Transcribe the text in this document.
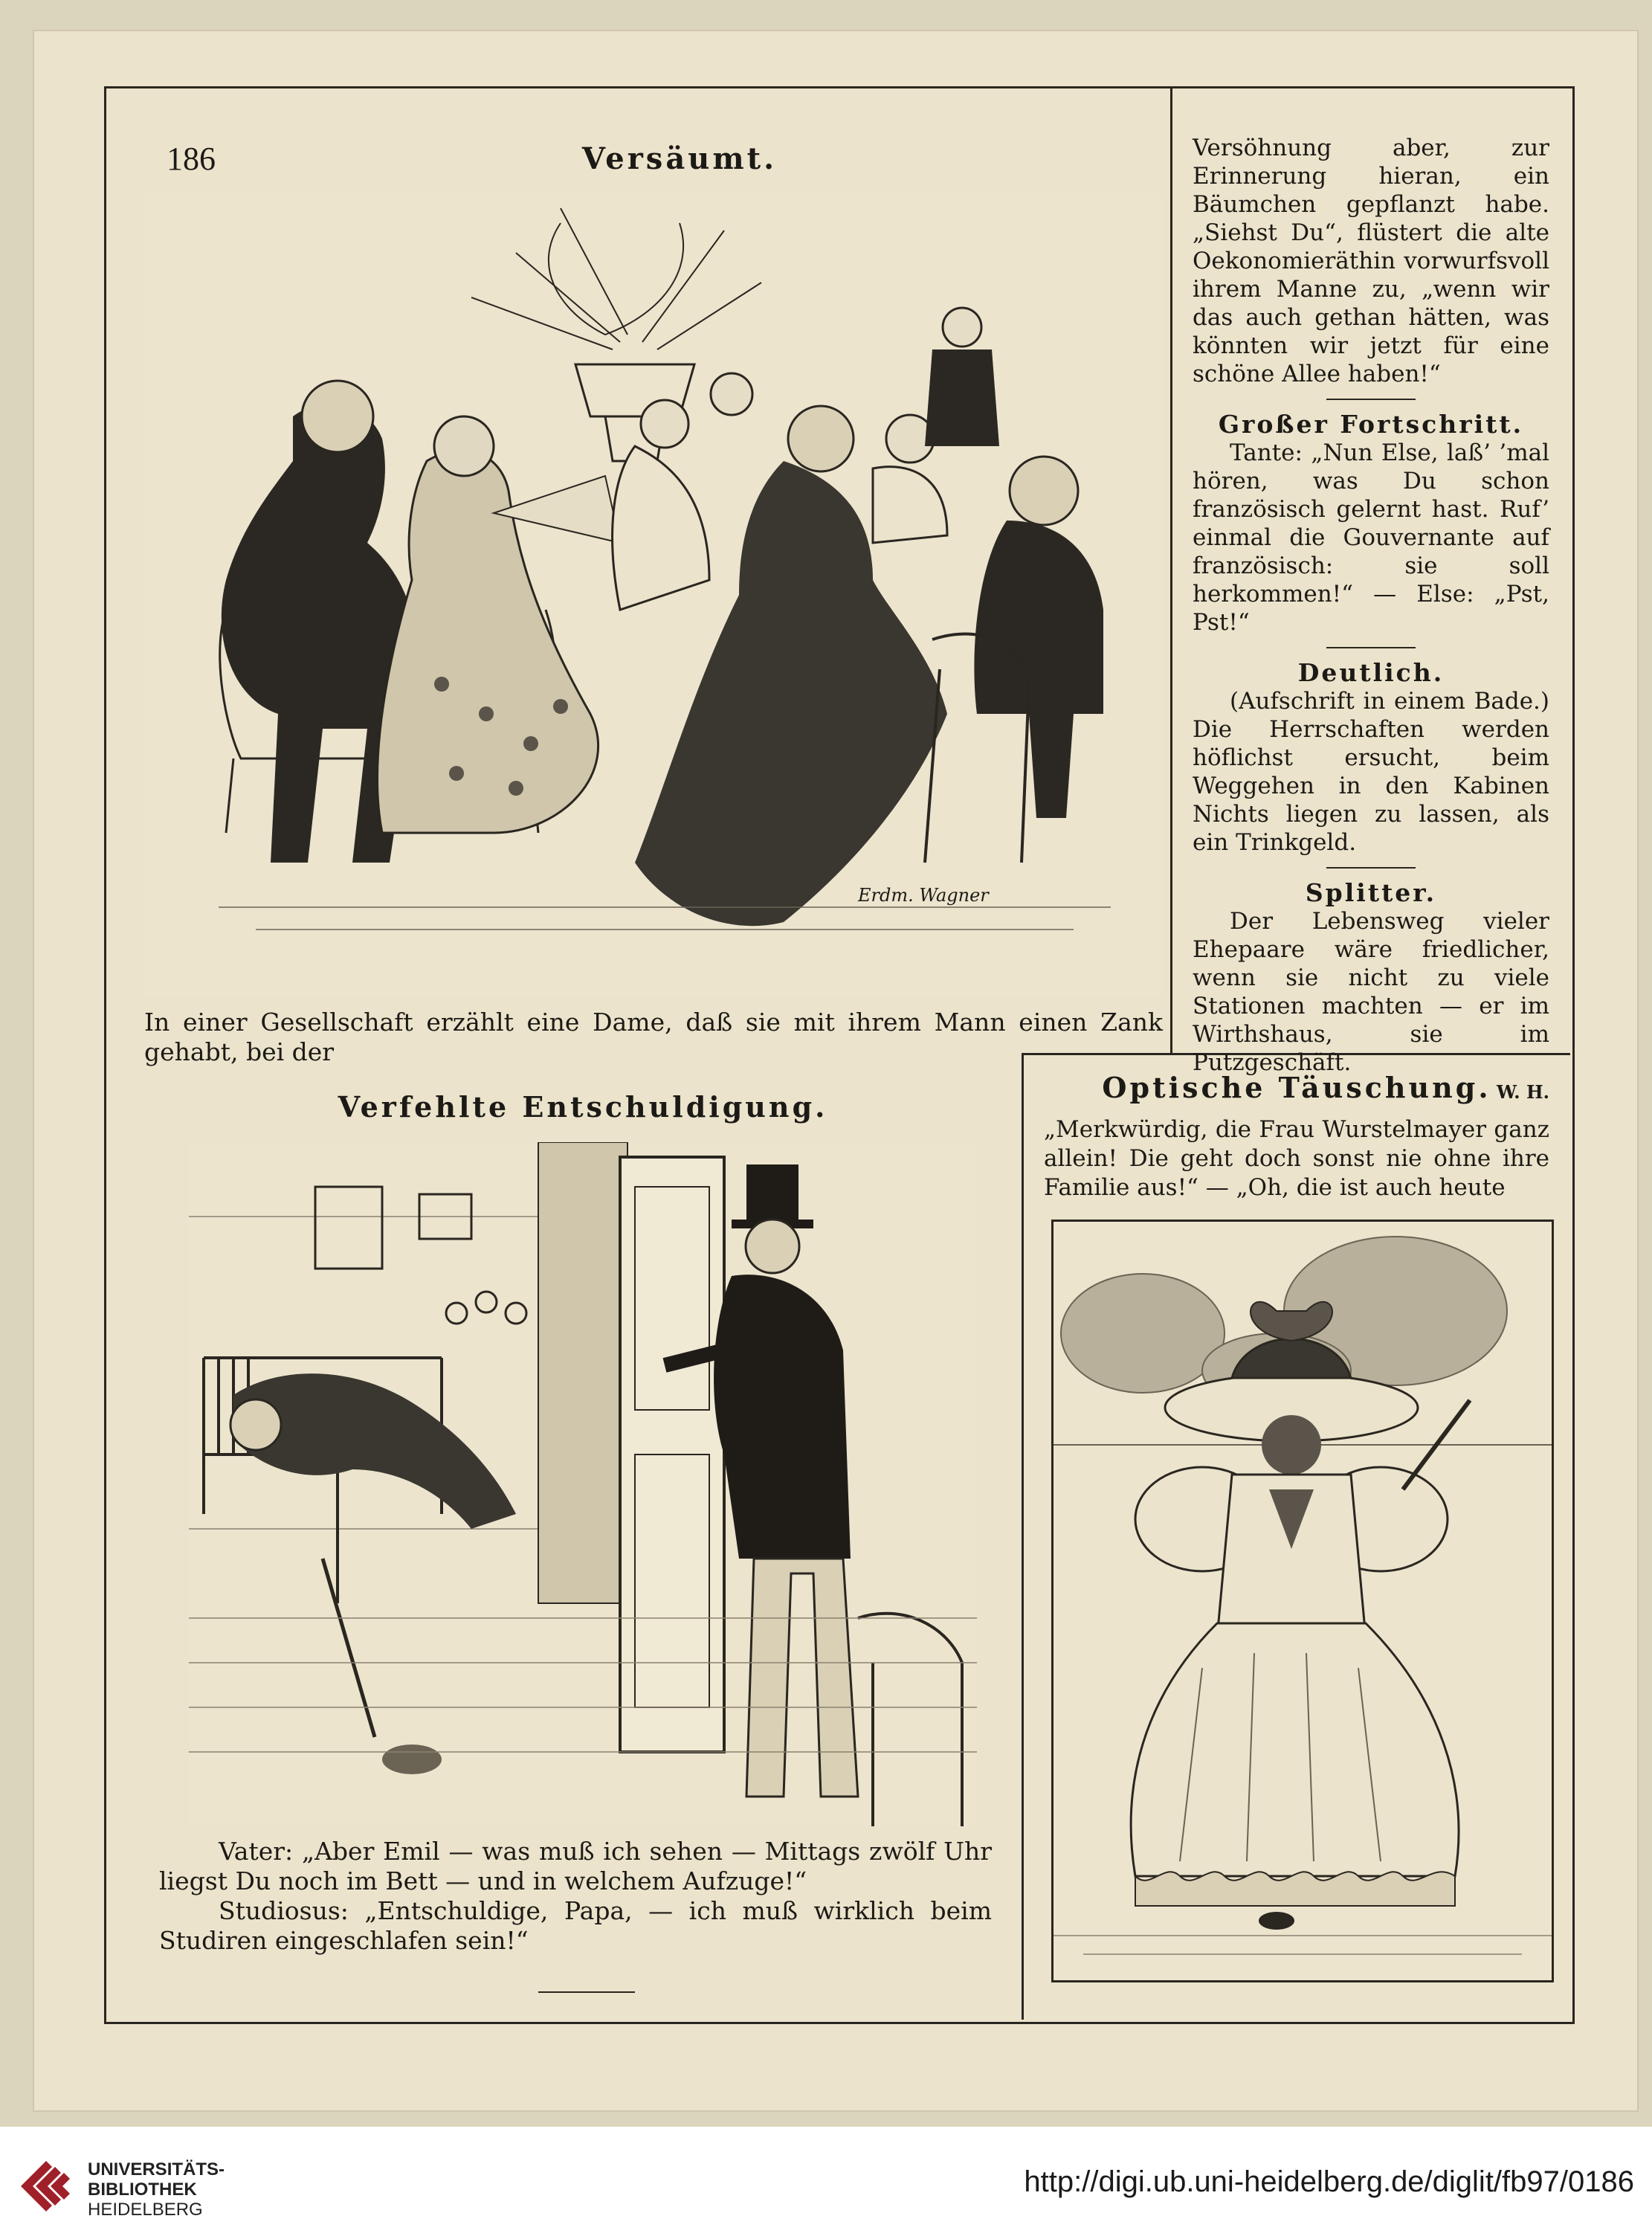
186	Versäumt.
Erdm. Wagner
In einer Gesellschaft erzählt eine Dame, daß sie mit ihrem Mann einen Zank gehabt, bei der

Versöhnung aber, zur Erinnerung hieran, ein Bäumchen gepflanzt habe. „Siehst Du“, flüstert die alte Oekonomieräthin vorwurfsvoll ihrem Manne zu, „wenn wir das auch gethan hätten, was könnten wir jetzt für eine schöne Allee haben!“

Großer Fortschritt.

Tante: „Nun Else, laß’ ’mal hören, was Du schon französisch gelernt hast. Ruf’ einmal die Gouvernante auf französisch: sie soll herkommen!“ — Else: „Pst, Pst!“

Deutlich.

(Aufschrift in einem Bade.) Die Herrschaften werden höflichst ersucht, beim Weggehen in den Kabinen Nichts liegen zu lassen, als ein Trinkgeld.

Splitter.

Der Lebensweg vieler Ehepaare wäre friedlicher, wenn sie nicht zu viele Stationen machten — er im Wirthshaus, sie im Putzgeschäft.

W. H.
Verfehlte Entschuldigung.

Vater: „Aber Emil — was muß ich sehen — Mittags zwölf Uhr liegst Du noch im Bett — und in welchem Aufzuge!“

Studiosus: „Entschuldige, Papa, — ich muß wirklich beim Studiren eingeschlafen sein!“

Optische Täuschung.
„Merkwürdig, die Frau Wurstelmayer ganz allein! Die geht doch sonst nie ohne ihre Familie aus!“ — „Oh, die ist auch heute
UNIVERSITÄTS-
BIBLIOTHEK
HEIDELBERG
http://digi.ub.uni-heidelberg.de/diglit/fb97/0186
